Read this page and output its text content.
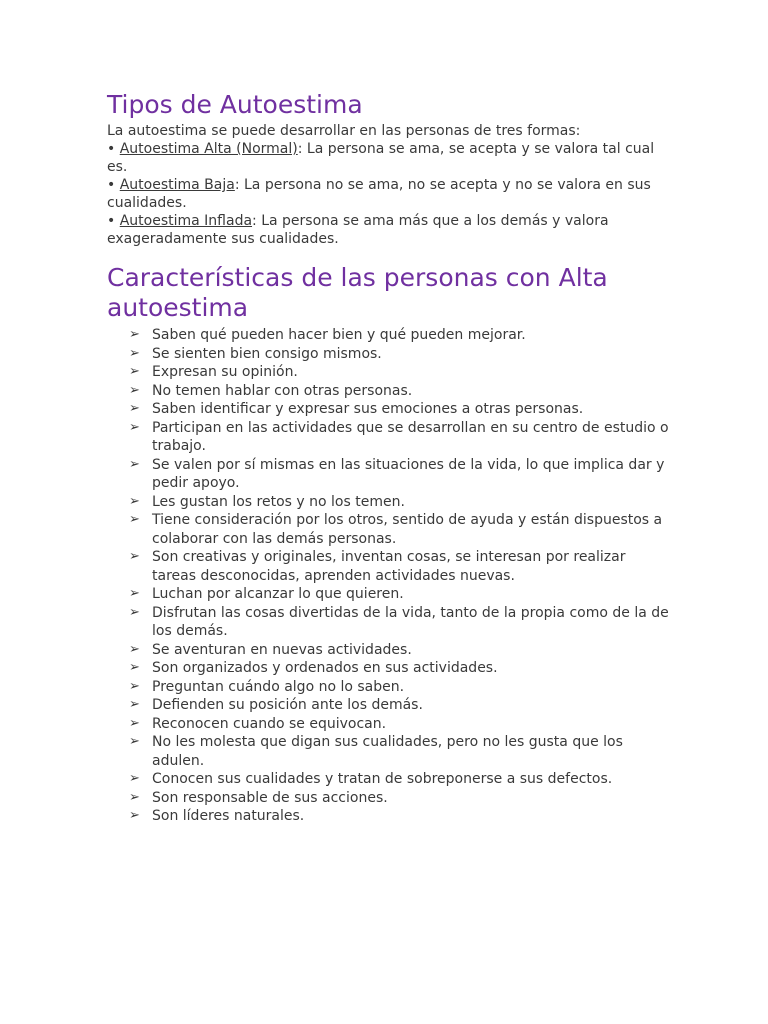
Tipos de Autoestima

La autoestima se puede desarrollar en las personas de tres formas:

• Autoestima Alta (Normal): La persona se ama, se acepta y se valora tal cual es.
• Autoestima Baja: La persona no se ama, no se acepta y no se valora en sus cualidades.
• Autoestima Inflada: La persona se ama más que a los demás y valora exageradamente sus cualidades.
Características de las personas con Alta autoestima
➢ Saben qué pueden hacer bien y qué pueden mejorar.
➢ Se sienten bien consigo mismos.
➢ Expresan su opinión.
➢ No temen hablar con otras personas.
➢ Saben identificar y expresar sus emociones a otras personas.
➢ Participan en las actividades que se desarrollan en su centro de estudio o trabajo.
➢ Se valen por sí mismas en las situaciones de la vida, lo que implica dar y pedir apoyo.
➢ Les gustan los retos y no los temen.
➢ Tiene consideración por los otros, sentido de ayuda y están dispuestos a colaborar con las demás personas.
➢ Son creativas y originales, inventan cosas, se interesan por realizar tareas desconocidas, aprenden actividades nuevas.
➢ Luchan por alcanzar lo que quieren.
➢ Disfrutan las cosas divertidas de la vida, tanto de la propia como de la de los demás.
➢ Se aventuran en nuevas actividades.
➢ Son organizados y ordenados en sus actividades.
➢ Preguntan cuándo algo no lo saben.
➢ Defienden su posición ante los demás.
➢ Reconocen cuando se equivocan.
➢ No les molesta que digan sus cualidades, pero no les gusta que los adulen.
➢ Conocen sus cualidades y tratan de sobreponerse a sus defectos.
➢ Son responsable de sus acciones.
➢ Son líderes naturales.
